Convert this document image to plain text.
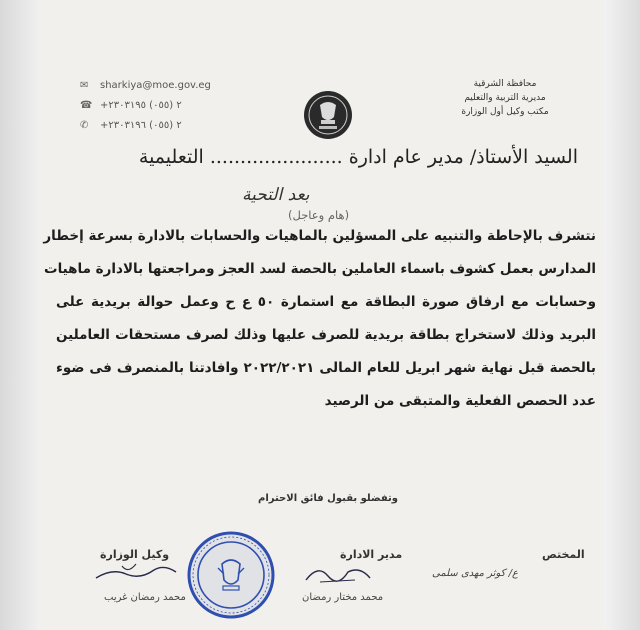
✉ sharkiya@moe.gov.eg
☎ +٢ (٠٥٥) ٢٣٠٣١٩٥
✆ +٢ (٠٥٥) ٢٣٠٣١٩٦
محافظة الشرقية
مديرية التربية والتعليم
مكتب وكيل أول الوزارة
السيد الأستاذ/ مدير عام ادارة ...................... التعليمية
بعد التحية
(هام وعاجل)
نتشرف بالإحاطة والتنبيه على المسؤلين بالماهيات والحسابات بالادارة بسرعة إخطار
المدارس بعمل كشوف باسماء العاملين بالحصة لسد العجز ومراجعتها بالادارة ماهيات
وحسابات مع ارفاق صورة البطاقة مع استمارة ٥٠ ع ح وعمل حوالة بريدية على
البريد وذلك لاستخراج بطاقة بريدية للصرف عليها وذلك لصرف مستحقات العاملين
بالحصة قبل نهاية شهر ابريل للعام المالى ٢٠٢٢/٢٠٢١ وافادتنا بالمنصرف فى ضوء
عدد الحصص الفعلية والمتبقى من الرصيد
وتفضلو بقبول فائق الاحترام
المختص
ع/ كوثر مهدى سلمى
مدير الادارة
محمد مختار رمضان
وكيل الوزارة
محمد رمضان غريب
